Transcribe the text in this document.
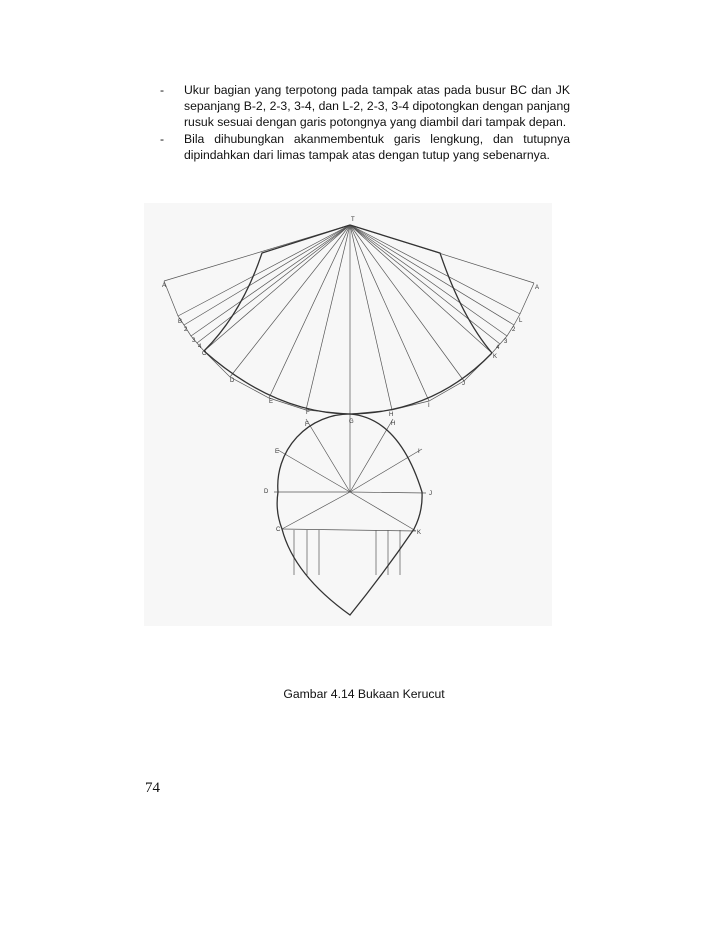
- Ukur bagian yang terpotong pada tampak atas pada busur BC dan JK sepanjang B-2, 2-3, 3-4, dan L-2, 2-3, 3-4 dipotongkan dengan panjang rusuk sesuai dengan garis potongnya yang diambil dari tampak depan.
- Bila dihubungkan akanmembentuk garis lengkung, dan tutupnya dipindahkan dari limas tampak atas dengan tutup yang sebenarnya.
T
A
B
2
3
4
C
D
E
F
G
H
I
J
K
4
3
2
L
A
F	H
E	I
D	J
C	K
Gambar 4.14 Bukaan Kerucut
74
